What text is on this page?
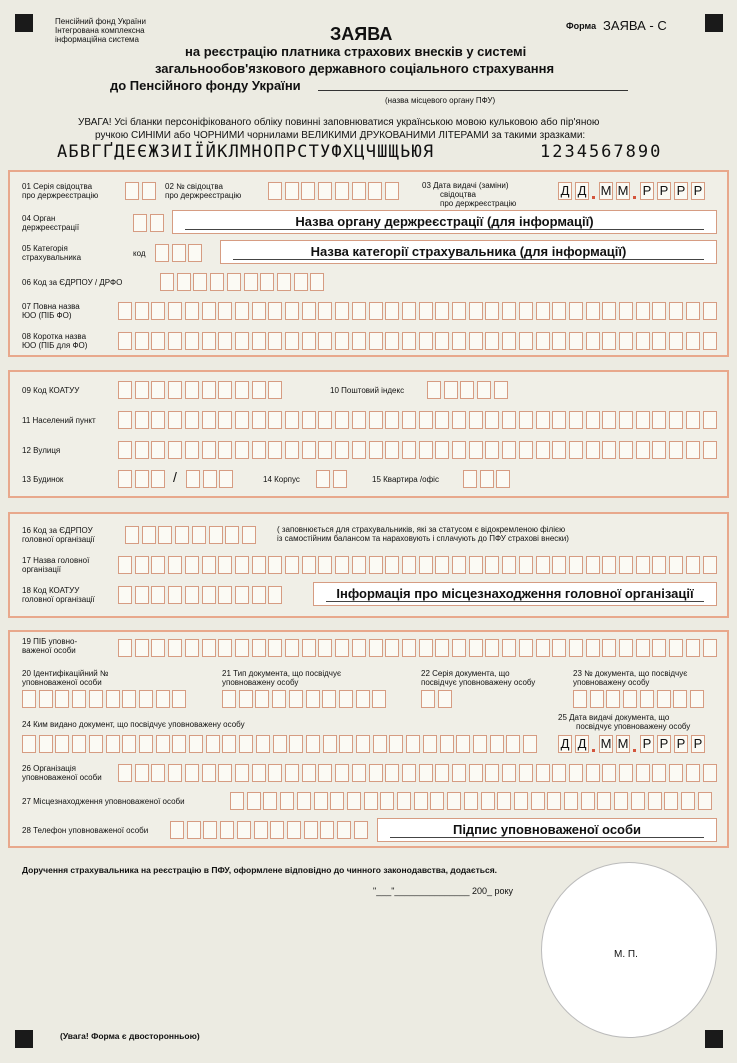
Пенсійний фонд України
Інтегрована комплексна
інформаційна система
Форма ЗАЯВА - С
ЗАЯВА
на реєстрацію платника страхових внесків у системі
загальнообов'язкового державного соціального страхування
до Пенсійного фонду України
(назва місцевого органу ПФУ)
УВАГА! Усі бланки персоніфікованого обліку повинні заповнюватися українською мовою кульковою або пір'яною
ручкою СИНІМИ або ЧОРНИМИ чорнилами ВЕЛИКИМИ ДРУКОВАНИМИ ЛІТЕРАМИ за такими зразками:
АБВГҐДЕЄЖЗИІЇЙКЛМНОПРСТУФХЦЧШЩЬЮЯ	1234567890
01 Серія свідоцтва
про держреєстрацію
02 № свідоцтва
про держреєстрацію
03 Дата видачі (заміни)
свідоцтва
про держреєстрацію
Д Д М М Р Р Р Р
04 Орган
держреєстрації	Назва органу держреєстрації (для інформації)
05 Категорія
страхувальника	код	Назва категорії страхувальника (для інформації)
06 Код за ЄДРПОУ / ДРФО
07 Повна назва
ЮО (ПІБ ФО)
08 Коротка назва
ЮО (ПІБ для ФО)
09 Код КОАТУУ	10 Поштовий індекс
11 Населений пункт
12 Вулиця
13 Будинок	/	14 Корпус	15 Квартира /офіс
16 Код за ЄДРПОУ
головної організації
( заповнюється для страхувальників, які за статусом є відокремленою філією
із самостійним балансом та нараховують і сплачують до ПФУ страхові внески)
17 Назва головної
організації
18 Код КОАТУУ
головної організації	Інформація про місцезнаходження головної організації
19 ПІБ уповно-
важеної особи
20 Ідентифікаційний №
уповноваженої особи
21 Тип документа, що посвідчує
уповноважену особу
22 Серія документа, що
посвідчує уповноважену особу
23 № документа, що посвідчує
уповноважену особу
24 Ким видано документ, що посвідчує уповноважену особу
25 Дата видачі документа, що
посвідчує уповноважену особу
Д Д М М Р Р Р Р
26 Організація
уповноваженої особи
27 Місцезнаходження уповноваженої особи
28 Телефон уповноваженої особи	Підпис уповноваженої особи
Доручення страхувальника на реєстрацію в ПФУ, оформлене відповідно до чинного законодавства, додається.
"___"_______________ 200_ року
М. П.
(Увага! Форма є двосторонньою)
